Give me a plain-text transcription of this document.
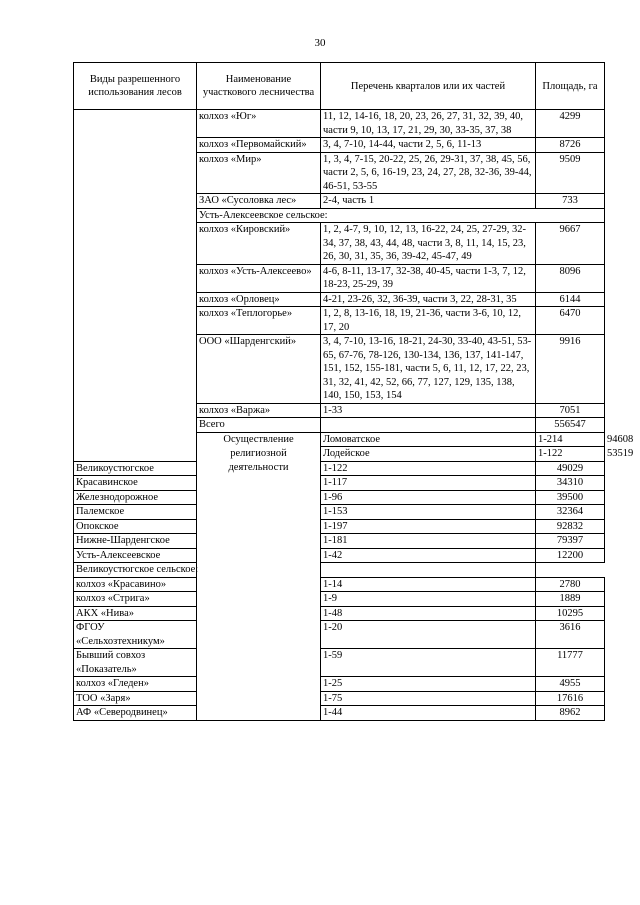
30
Виды разрешенного использования лесов	Наименование участкового лесничества	Перечень кварталов или их частей	Площадь, га	
	колхоз «Юг»	11, 12, 14-16, 18, 20, 23, 26, 27, 31, 32, 39, 40, части 9, 10, 13, 17, 21, 29, 30, 33-35, 37, 38	4299	
	колхоз «Первомайский»	3, 4, 7-10, 14-44, части 2, 5, 6, 11-13	8726	
	колхоз «Мир»	1, 3, 4, 7-15, 20-22, 25, 26, 29-31, 37, 38, 45, 56, части 2, 5, 6, 16-19, 23, 24, 27, 28, 32-36, 39-44, 46-51, 53-55	9509	
	ЗАО «Сусоловка лес»	2-4, часть 1	733	
	Усть-Алексеевское сельское:			
	колхоз «Кировский»	1, 2, 4-7, 9, 10, 12, 13, 16-22, 24, 25, 27-29, 32-34, 37, 38, 43, 44, 48, части 3, 8, 11, 14, 15, 23, 26, 30, 31, 35, 36, 39-42, 45-47, 49	9667	
	колхоз «Усть-Алексеево»	4-6, 8-11, 13-17, 32-38, 40-45, части 1-3, 7, 12, 18-23, 25-29, 39	8096	
	колхоз «Орловец»	4-21, 23-26, 32, 36-39, части 3, 22, 28-31, 35	6144	
	колхоз «Теплогорье»	1, 2, 8, 13-16, 18, 19, 21-36, части 3-6, 10, 12, 17, 20	6470	
	ООО «Шарденгский»	3, 4, 7-10, 13-16, 18-21, 24-30, 33-40, 43-51, 53-65, 67-76, 78-126, 130-134, 136, 137, 141-147, 151, 152, 155-181, части 5, 6, 11, 12, 17, 22, 23, 31, 32, 41, 42, 52, 66, 77, 127, 129, 135, 138, 140, 150, 153, 154	9916	
	колхоз «Варжа»	1-33	7051	
	Всего		556547	
	Осуществление религиозной деятельности	Ломоватское	1-214	94608
		Лодейское	1-122	53519
Великоустюгское		1-122	49029	
Красавинское		1-117	34310	
Железнодорожное		1-96	39500	
Палемское		1-153	32364	
Опокское		1-197	92832	
Нижне-Шарденгское		1-181	79397	
Усть-Алексеевское		1-42	12200	
Великоустюгское сельское:				
колхоз «Красавино»		1-14	2780	
колхоз «Стрига»		1-9	1889	
АКХ «Нива»		1-48	10295	
ФГОУ «Сельхозтехникум»		1-20	3616	
Бывший совхоз «Показатель»		1-59	11777	
колхоз «Гледен»		1-25	4955	
ТОО «Заря»		1-75	17616	
АФ «Северодвинец»		1-44	8962	
